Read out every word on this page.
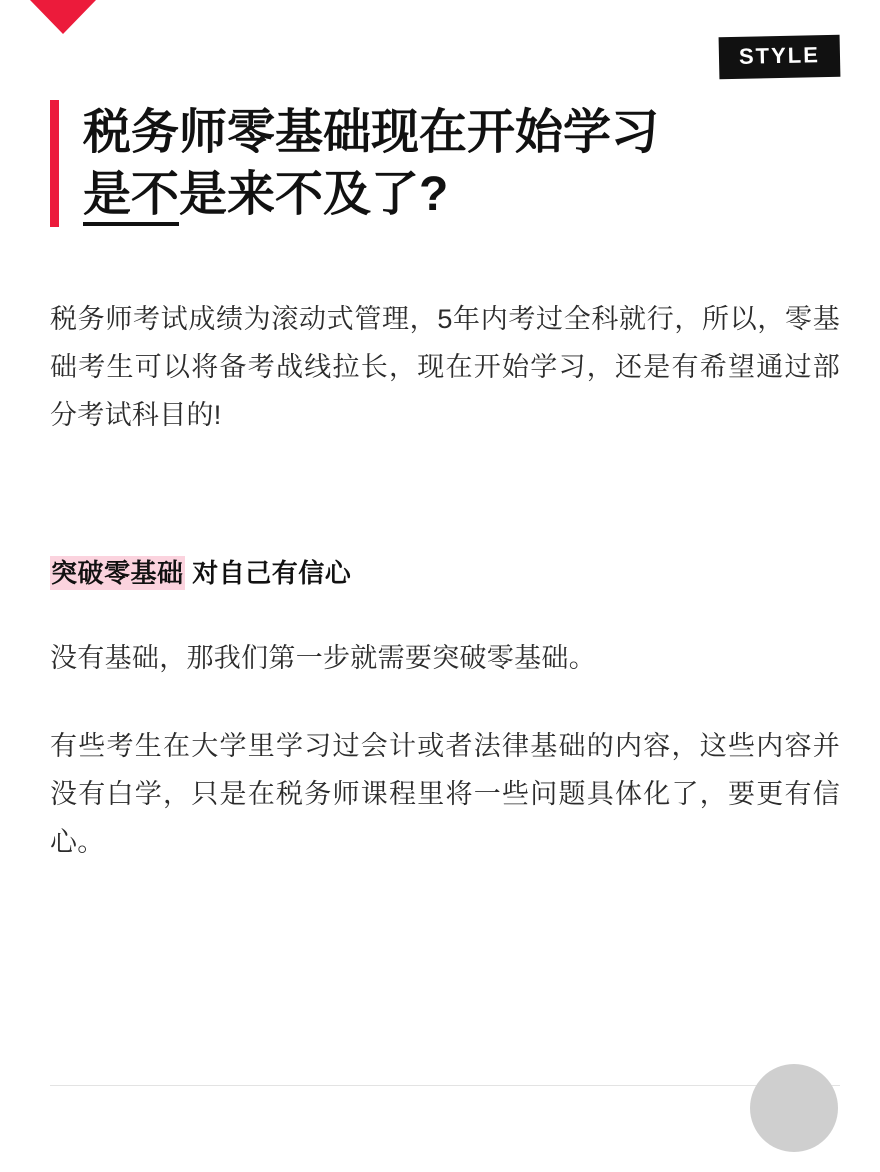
STYLE
税务师零基础现在开始学习
是不是来不及了?
税务师考试成绩为滚动式管理，5年内考过全科就行，所以，零基础考生可以将备考战线拉长，现在开始学习，还是有希望通过部分考试科目的!
突破零基础 对自己有信心
没有基础，那我们第一步就需要突破零基础。
有些考生在大学里学习过会计或者法律基础的内容，这些内容并没有白学，只是在税务师课程里将一些问题具体化了，要更有信心。
